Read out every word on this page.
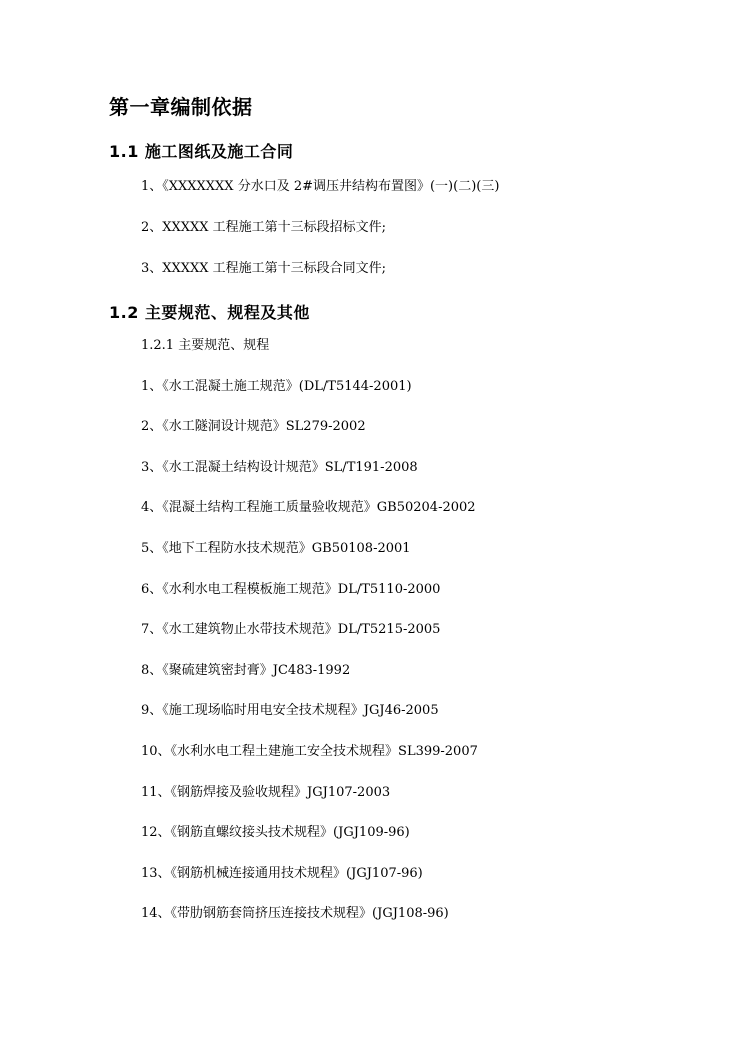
第一章编制依据
1.1 施工图纸及施工合同

1、《XXXXXXX 分水口及 2#调压井结构布置图》(一)(二)(三)

2、XXXXX 工程施工第十三标段招标文件;

3、XXXXX 工程施工第十三标段合同文件;

1.2 主要规范、规程及其他

1.2.1 主要规范、规程

1、《水工混凝土施工规范》(DL/T5144-2001)

2、《水工隧洞设计规范》SL279-2002

3、《水工混凝土结构设计规范》SL/T191-2008

4、《混凝土结构工程施工质量验收规范》GB50204-2002

5、《地下工程防水技术规范》GB50108-2001

6、《水利水电工程模板施工规范》DL/T5110-2000

7、《水工建筑物止水带技术规范》DL/T5215-2005

8、《聚硫建筑密封膏》JC483-1992

9、《施工现场临时用电安全技术规程》JGJ46-2005

10、《水利水电工程土建施工安全技术规程》SL399-2007

11、《钢筋焊接及验收规程》JGJ107-2003

12、《钢筋直螺纹接头技术规程》(JGJ109-96)

13、《钢筋机械连接通用技术规程》(JGJ107-96)

14、《带肋钢筋套筒挤压连接技术规程》(JGJ108-96)
